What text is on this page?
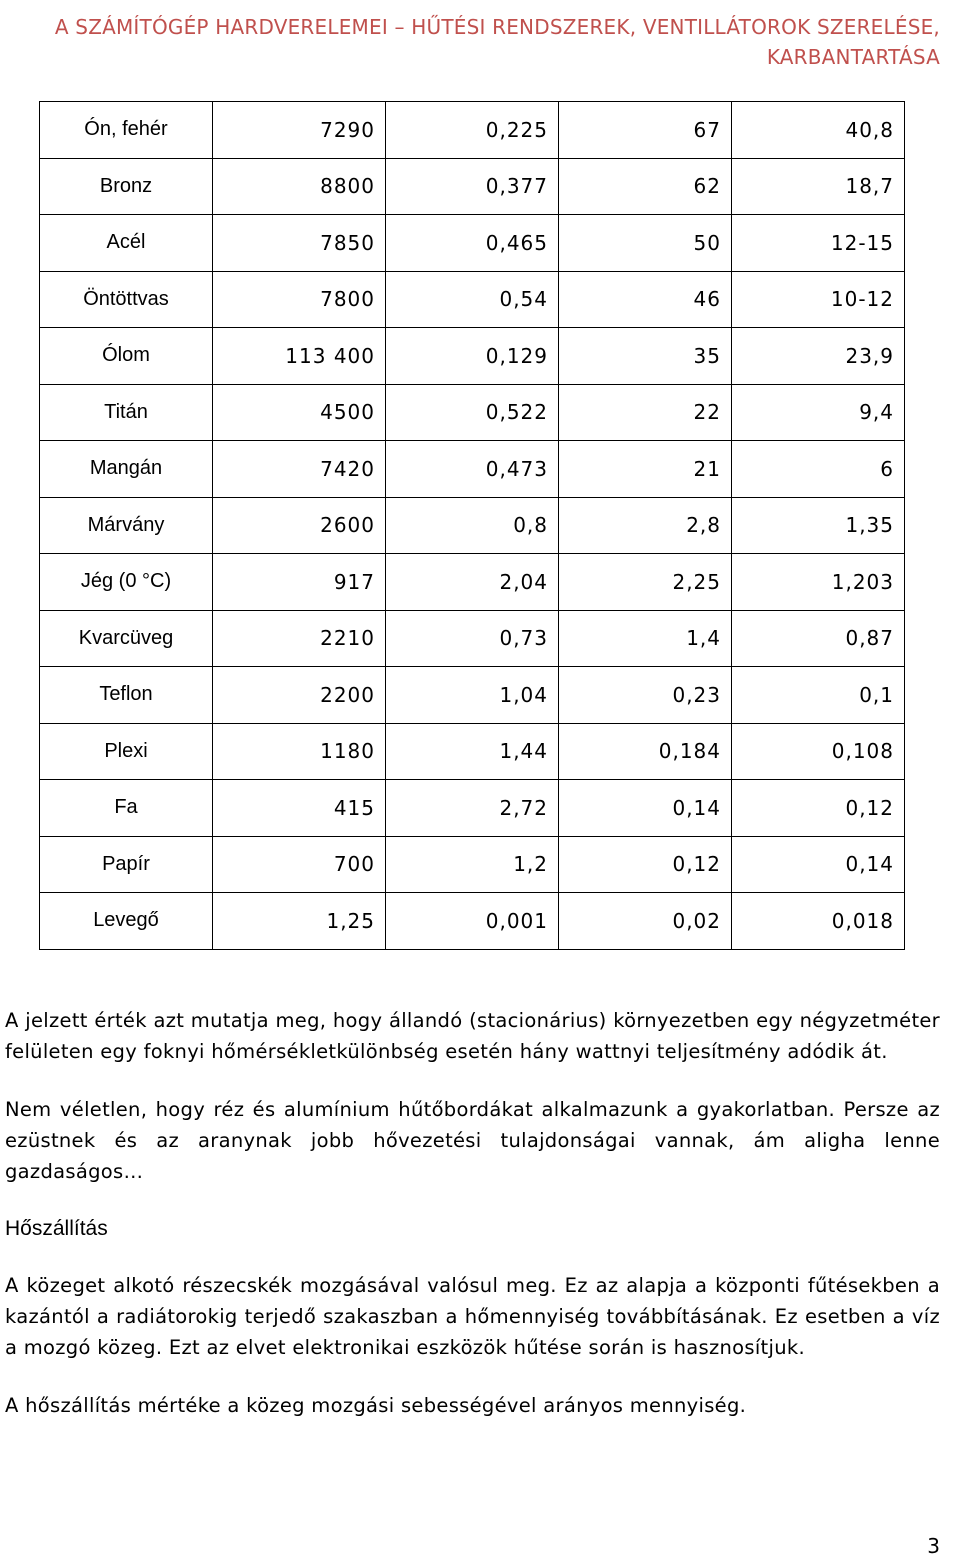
A SZÁMÍTÓGÉP HARDVERELEMEI – HŰTÉSI RENDSZEREK, VENTILLÁTOROK SZERELÉSE,
KARBANTARTÁSA
Ón, fehér	7290	0,225	67	40,8
Bronz	8800	0,377	62	18,7
Acél	7850	0,465	50	12-15
Öntöttvas	7800	0,54	46	10-12
Ólom	113 400	0,129	35	23,9
Titán	4500	0,522	22	9,4
Mangán	7420	0,473	21	6
Márvány	2600	0,8	2,8	1,35
Jég (0 °C)	917	2,04	2,25	1,203
Kvarcüveg	2210	0,73	1,4	0,87
Teflon	2200	1,04	0,23	0,1
Plexi	1180	1,44	0,184	0,108
Fa	415	2,72	0,14	0,12
Papír	700	1,2	0,12	0,14
Levegő	1,25	0,001	0,02	0,018
A jelzett érték azt mutatja meg, hogy állandó (stacionárius) környezetben egy négyzetméter felületen egy foknyi hőmérsékletkülönbség esetén hány wattnyi teljesítmény adódik át.
Nem véletlen, hogy réz és alumínium hűtőbordákat alkalmazunk a gyakorlatban. Persze az ezüstnek és az aranynak jobb hővezetési tulajdonságai vannak, ám aligha lenne gazdaságos…
Hőszállítás
A közeget alkotó részecskék mozgásával valósul meg. Ez az alapja a központi fűtésekben a kazántól a radiátorokig terjedő szakaszban a hőmennyiség továbbításának. Ez esetben a víz a mozgó közeg. Ezt az elvet elektronikai eszközök hűtése során is hasznosítjuk.
A hőszállítás mértéke a közeg mozgási sebességével arányos mennyiség.
3
